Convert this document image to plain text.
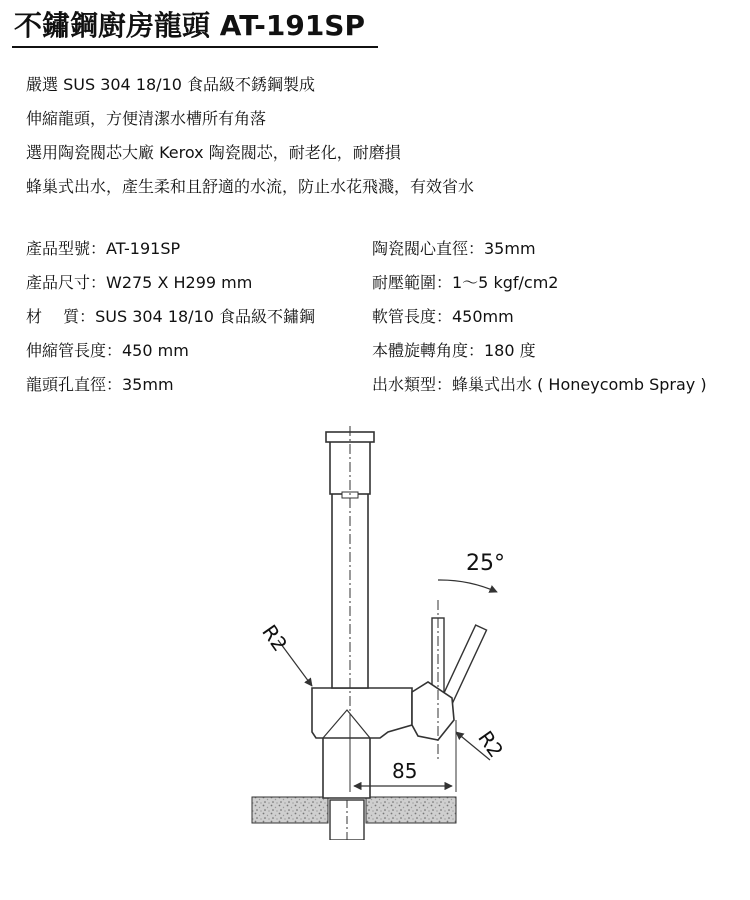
不鏽鋼廚房龍頭 AT-191SP
嚴選 SUS 304 18/10 食品級不銹鋼製成
伸縮龍頭，方便清潔水槽所有角落
選用陶瓷閥芯大廠 Kerox 陶瓷閥芯，耐老化，耐磨損
蜂巢式出水，產生柔和且舒適的水流，防止水花飛濺，有效省水
產品型號：AT-191SP
產品尺寸：W275 X H299 mm
材　 質：SUS 304 18/10 食品級不鏽鋼
伸縮管長度：450 mm
龍頭孔直徑：35mm
陶瓷閥心直徑：35mm
耐壓範圍：1～5 kgf/cm2
軟管長度：450mm
本體旋轉角度：180 度
出水類型：蜂巢式出水 ( Honeycomb Spray )
25°
R2
R2
85
